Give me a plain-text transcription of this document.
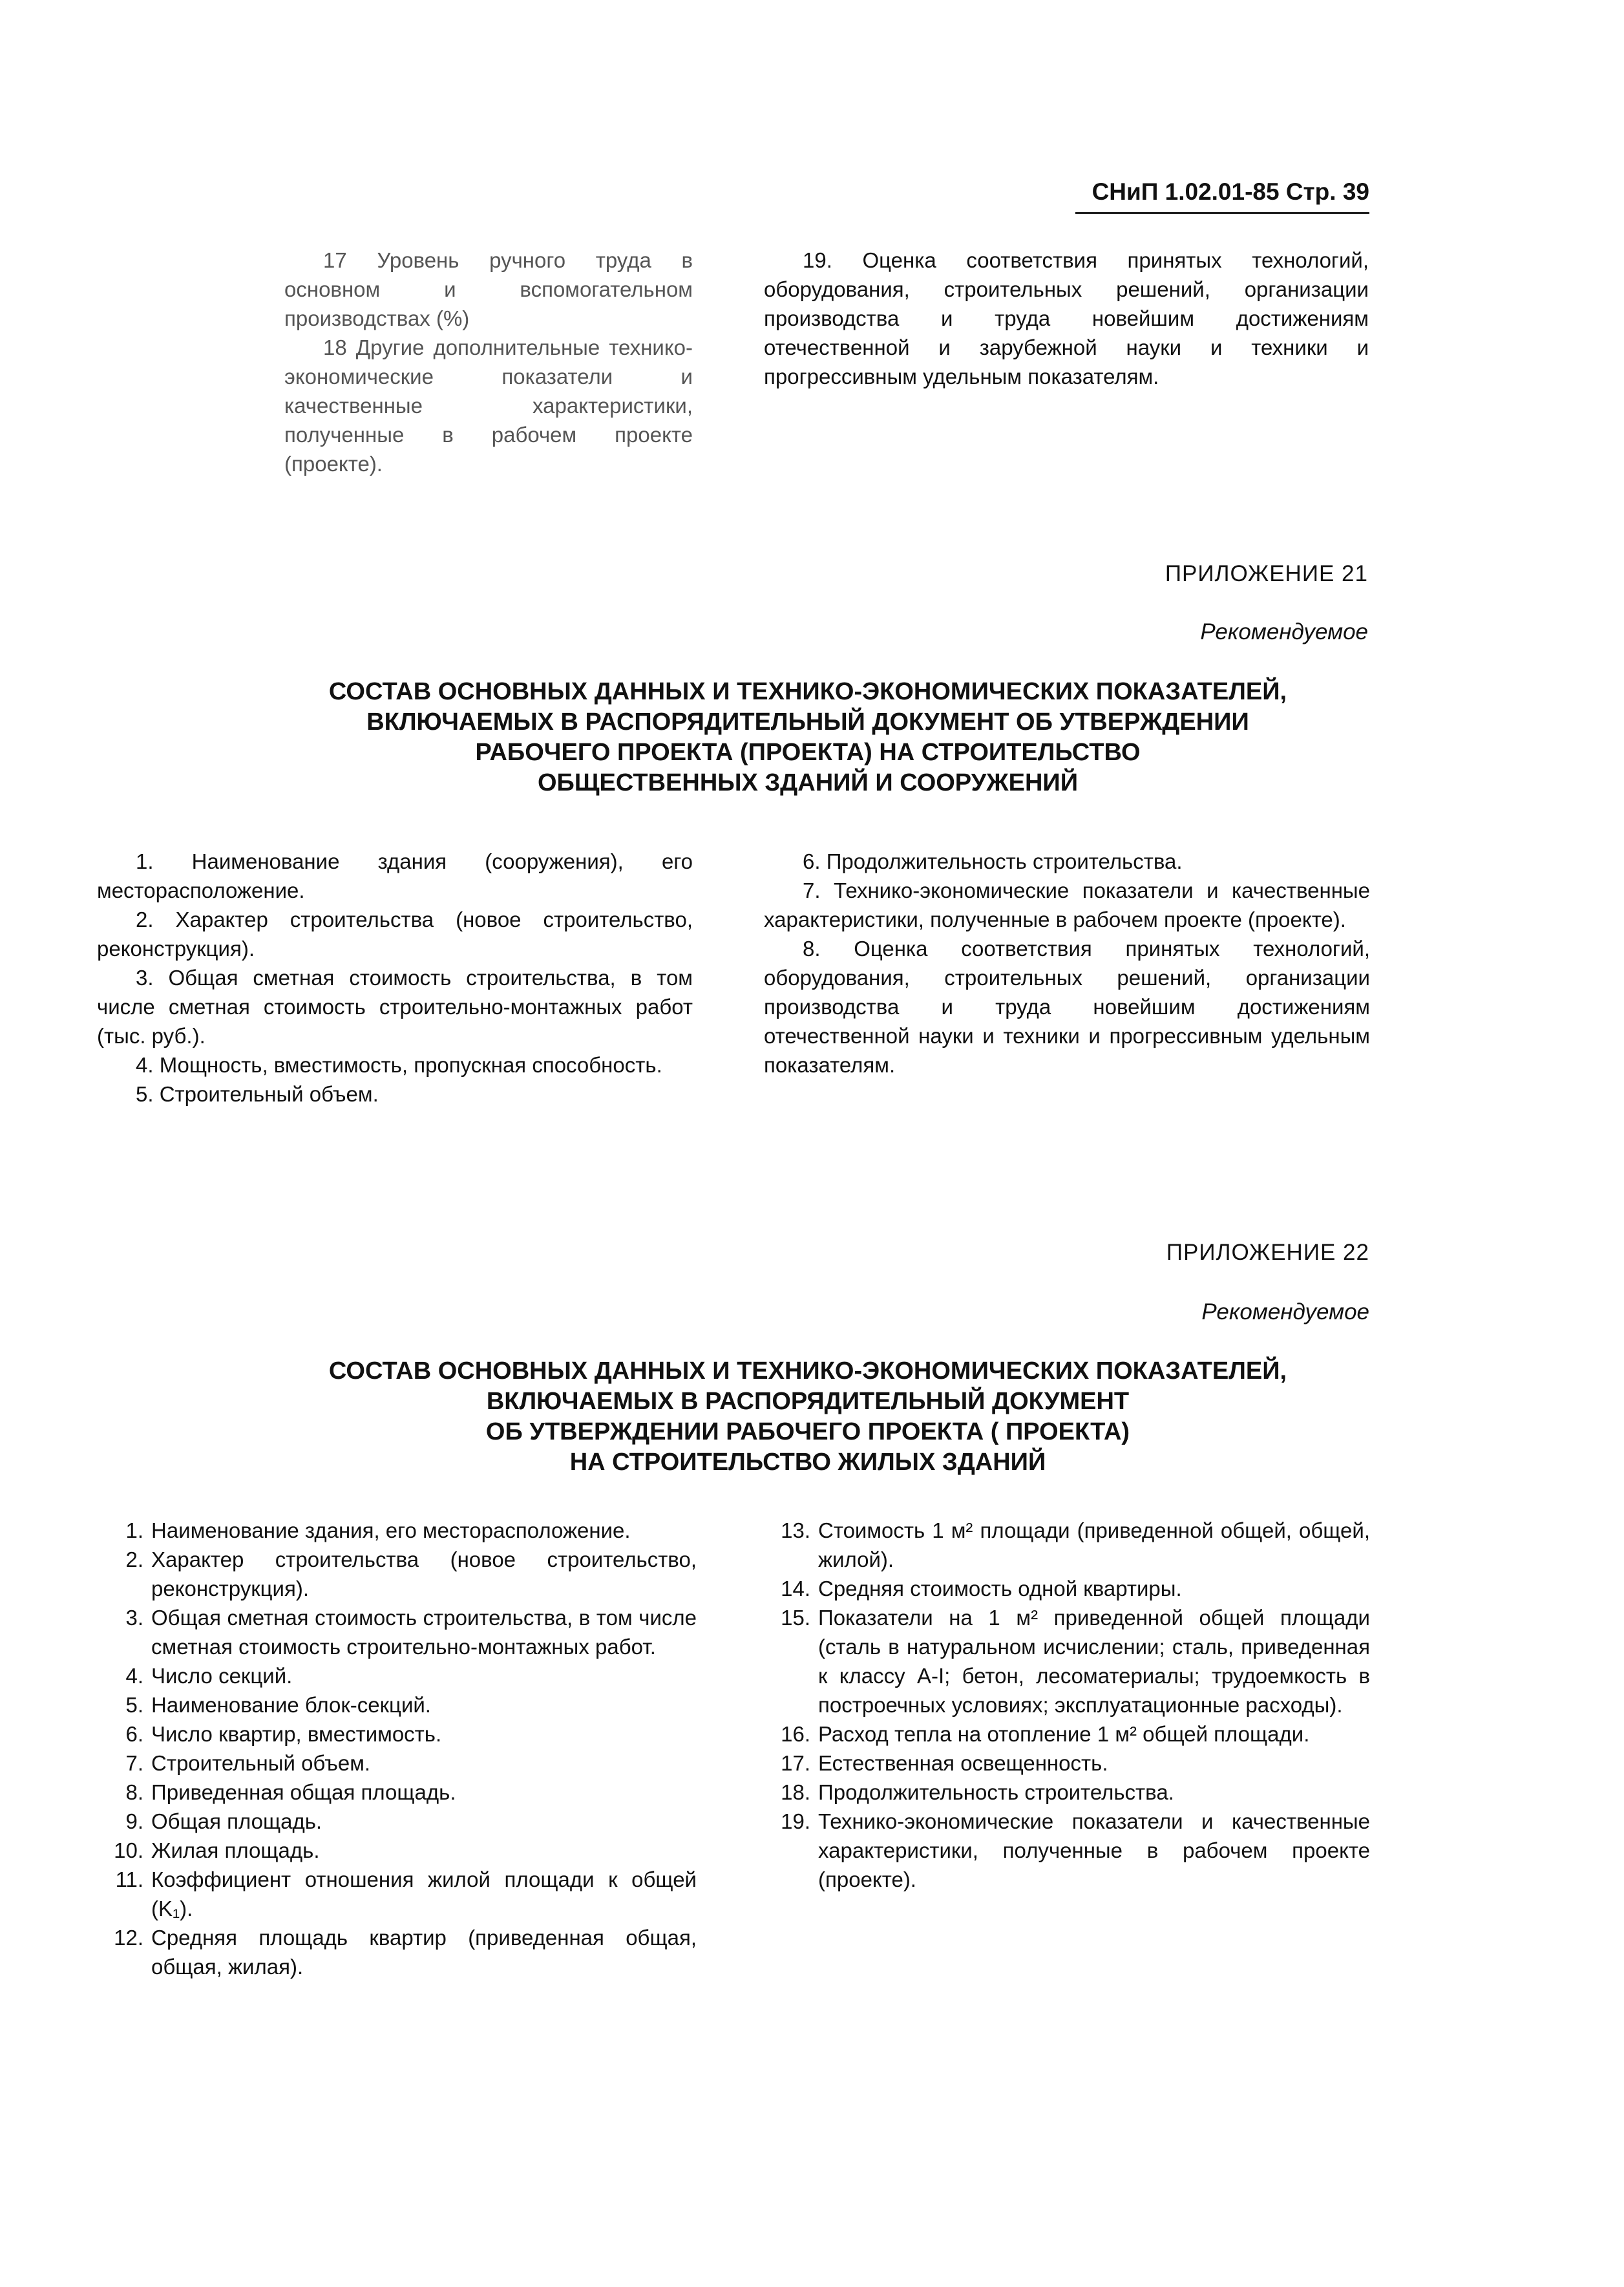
СНиП 1.02.01-85 Стр. 39

17 Уровень ручного труда в основном и вспомогательном производствах (%)

18 Другие дополнительные технико-экономические показатели и качественные характеристики, полученные в рабочем проекте (проекте).

19. Оценка соответствия принятых технологий, оборудования, строительных решений, организации производства и труда новейшим достижениям отечественной и зарубежной науки и техники и прогрессивным удельным показателям.

ПРИЛОЖЕНИЕ 21
Рекомендуемое
СОСТАВ ОСНОВНЫХ ДАННЫХ И ТЕХНИКО-ЭКОНОМИЧЕСКИХ ПОКАЗАТЕЛЕЙ,
ВКЛЮЧАЕМЫХ В РАСПОРЯДИТЕЛЬНЫЙ ДОКУМЕНТ ОБ УТВЕРЖДЕНИИ
РАБОЧЕГО ПРОЕКТА (ПРОЕКТА) НА СТРОИТЕЛЬСТВО
ОБЩЕСТВЕННЫХ ЗДАНИЙ И СООРУЖЕНИЙ

1. Наименование здания (сооружения), его месторасположение.

2. Характер строительства (новое строительство, реконструкция).

3. Общая сметная стоимость строительства, в том числе сметная стоимость строительно-монтажных работ (тыс. руб.).

4. Мощность, вместимость, пропускная способность.

5. Строительный объем.

6. Продолжительность строительства.

7. Технико-экономические показатели и качественные характеристики, полученные в рабочем проекте (проекте).

8. Оценка соответствия принятых технологий, оборудования, строительных решений, организации производства и труда новейшим достижениям отечественной науки и техники и прогрессивным удельным показателям.

ПРИЛОЖЕНИЕ 22
Рекомендуемое
СОСТАВ ОСНОВНЫХ ДАННЫХ И ТЕХНИКО-ЭКОНОМИЧЕСКИХ ПОКАЗАТЕЛЕЙ,
ВКЛЮЧАЕМЫХ В РАСПОРЯДИТЕЛЬНЫЙ ДОКУМЕНТ
ОБ УТВЕРЖДЕНИИ РАБОЧЕГО ПРОЕКТА ( ПРОЕКТА)
НА СТРОИТЕЛЬСТВО ЖИЛЫХ ЗДАНИЙ
1. Наименование здания, его месторасположение.
2. Характер строительства (новое строительство, реконструкция).
3. Общая сметная стоимость строительства, в том числе сметная стоимость строительно-монтажных работ.
4. Число секций.
5. Наименование блок-секций.
6. Число квартир, вместимость.
7. Строительный объем.
8. Приведенная общая площадь.
9. Общая площадь.
10. Жилая площадь.
11. Коэффициент отношения жилой площади к общей (K₁).
12. Средняя площадь квартир (приведенная общая, общая, жилая).
13. Стоимость 1 м² площади (приведенной общей, общей, жилой).
14. Средняя стоимость одной квартиры.
15. Показатели на 1 м² приведенной общей площади (сталь в натуральном исчислении; сталь, приведенная к классу А-I; бетон, лесоматериалы; трудоемкость в построечных условиях; эксплуатационные расходы).
16. Расход тепла на отопление 1 м² общей площади.
17. Естественная освещенность.
18. Продолжительность строительства.
19. Технико-экономические показатели и качественные характеристики, полученные в рабочем проекте (проекте).
